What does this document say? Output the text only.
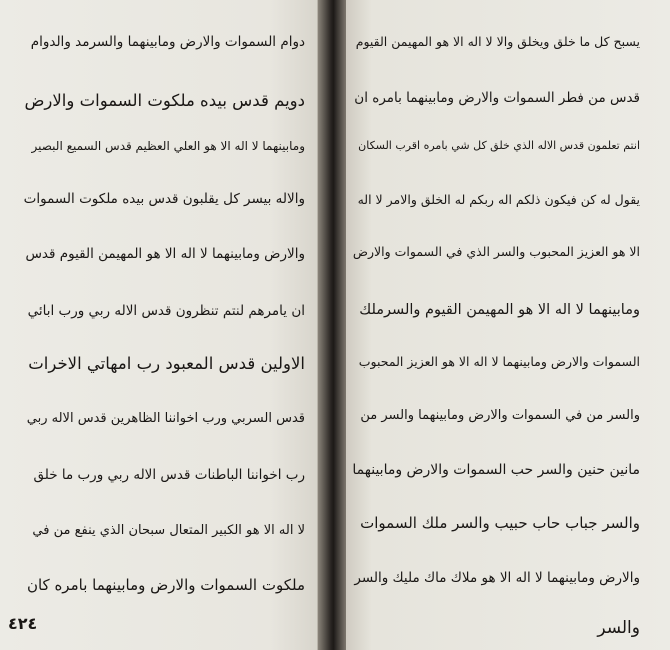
دوام السموات والارض ومابينهما والسرمد والدوام
دويم قدس بيده ملكوت السموات والارض
ومابينهما لا اله الا هو العلي العظيم قدس السميع البصير
والاله بيسر كل يقلبون قدس بيده ملكوت السموات
والارض ومابينهما لا اله الا هو المهيمن القيوم قدس
ان يامرهم لنتم تنظرون قدس الاله ربي ورب ابائي
الاولين قدس المعبود رب امهاتي الاخرات
قدس السربي ورب اخواننا الظاهرين قدس الاله ربي
رب اخواننا الباطنات قدس الاله ربي ورب ما خلق
لا اله الا هو الكبير المتعال سبحان الذي ينفع من في
ملكوت السموات والارض ومابينهما بامره كان
٤٢٤
يسبح كل ما خلق ويخلق والا لا اله الا هو المهيمن القيوم
قدس من فطر السموات والارض ومابينهما بامره ان
انتم تعلمون قدس الاله الذي خلق كل شي بامره اقرب السكان
يقول له كن فيكون ذلكم اله ربكم له الخلق والامر لا اله
الا هو العزيز المحبوب والسر الذي في السموات والارض
ومابينهما لا اله الا هو المهيمن القيوم والسرملك
السموات والارض ومابينهما لا اله الا هو العزيز المحبوب
والسر من في السموات والارض ومابينهما والسر من
مانين حنين والسر حب السموات والارض ومابينهما
والسر جباب حاب حبيب والسر ملك السموات
والارض ومابينهما لا اله الا هو ملاك ماك مليك والسر
والسر
